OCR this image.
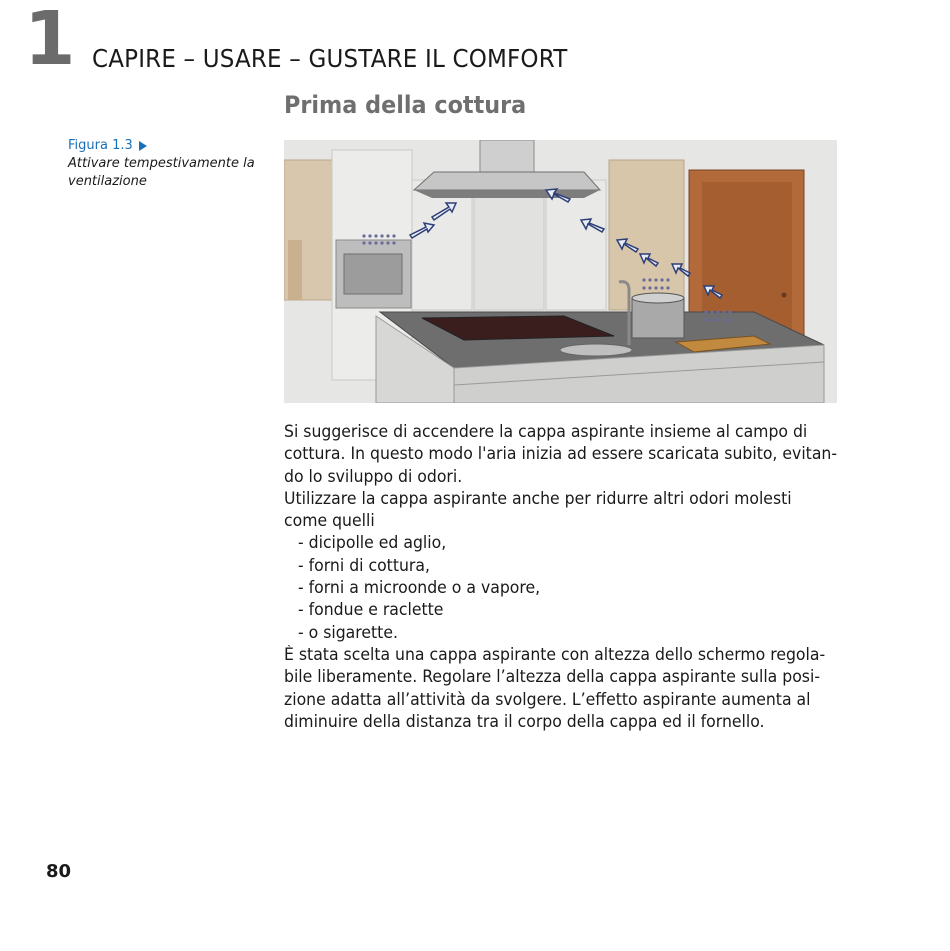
1 CAPIRE – USARE – GUSTARE IL COMFORT
Prima della cottura
Figura 1.3
Attivare tempestivamente la
ventilazione

Si suggerisce di accendere la cappa aspirante insieme al campo di

cottura. In questo modo l'aria inizia ad essere scaricata subito, evitan-

do lo sviluppo di odori.

Utilizzare la cappa aspirante anche per ridurre altri odori molesti

come quelli

- dicipolle ed aglio,
- forni di cottura,
- forni a microonde o a vapore,
- fondue e raclette
- o sigarette.

È stata scelta una cappa aspirante con altezza dello schermo regola-

bile liberamente. Regolare l’altezza della cappa aspirante sulla posi-

zione adatta all’attività da svolgere. L’effetto aspirante aumenta al

diminuire della distanza tra il corpo della cappa ed il fornello.

80
